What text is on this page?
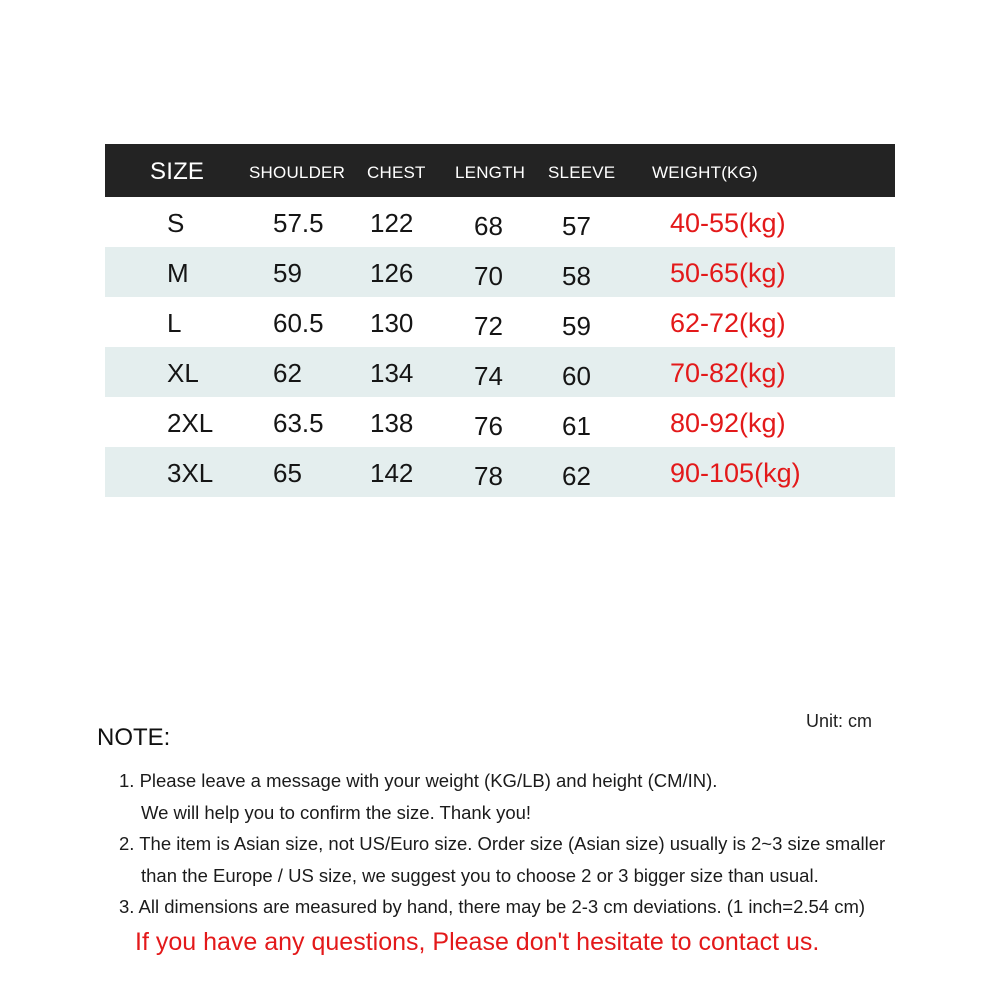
SIZE	SHOULDER CHEST LENGTH SLEEVE WEIGHT(KG)
S	57.5 122 68 57	40-55(kg)
M	59	126 70 58	50-65(kg)
L	60.5 130 72 59	62-72(kg)
XL	62	134 74 60	70-82(kg)
2XL 63.5 138 76 61	80-92(kg)
3XL 65	142 78 62	90-105(kg)
Unit: cm
NOTE:
1. Please leave a message with your weight (KG/LB) and height (CM/IN).
We will help you to confirm the size. Thank you!
2. The item is Asian size, not US/Euro size. Order size (Asian size) usually is 2~3 size smaller
than the Europe / US size, we suggest you to choose 2 or 3 bigger size than usual.
3. All dimensions are measured by hand, there may be 2-3 cm deviations. (1 inch=2.54 cm)
If you have any questions, Please don't hesitate to contact us.
